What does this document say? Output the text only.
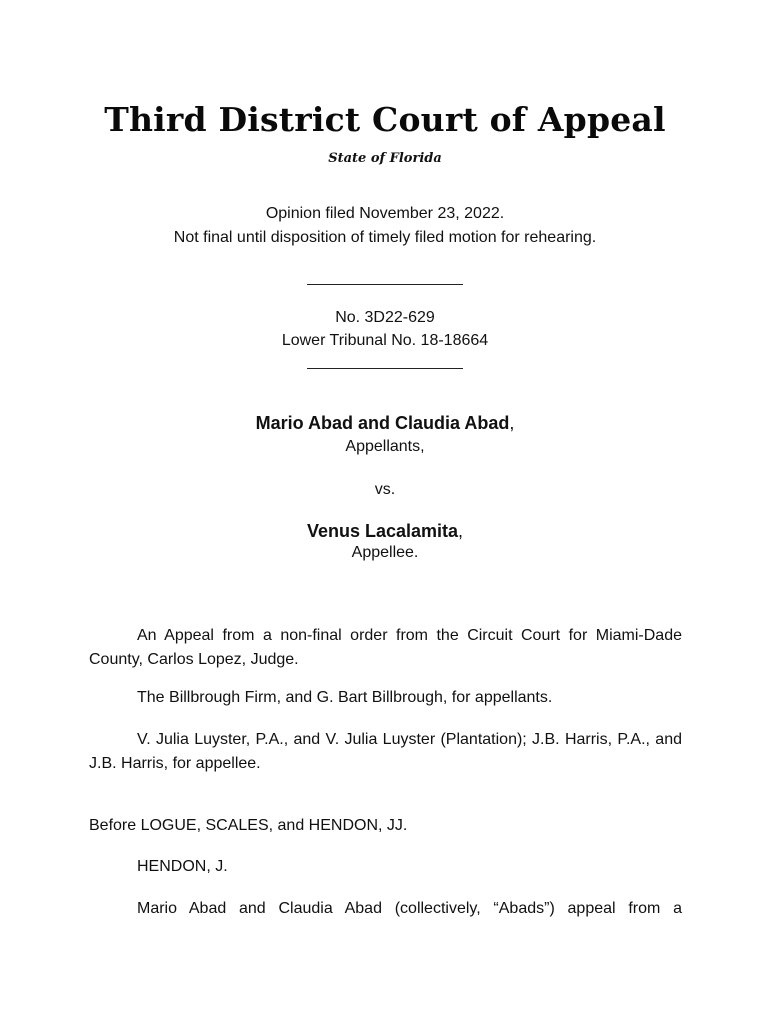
Third District Court of Appeal
State of Florida
Opinion filed November 23, 2022.
Not final until disposition of timely filed motion for rehearing.
No. 3D22-629
Lower Tribunal No. 18-18664
Mario Abad and Claudia Abad,
Appellants,
vs.
Venus Lacalamita,
Appellee.

An Appeal from a non-final order from the Circuit Court for Miami-Dade County, Carlos Lopez, Judge.

The Billbrough Firm, and G. Bart Billbrough, for appellants.

V. Julia Luyster, P.A., and V. Julia Luyster (Plantation); J.B. Harris, P.A., and J.B. Harris, for appellee.

Before LOGUE, SCALES, and HENDON, JJ.

HENDON, J.

Mario Abad and Claudia Abad (collectively, “Abads”) appeal from a
